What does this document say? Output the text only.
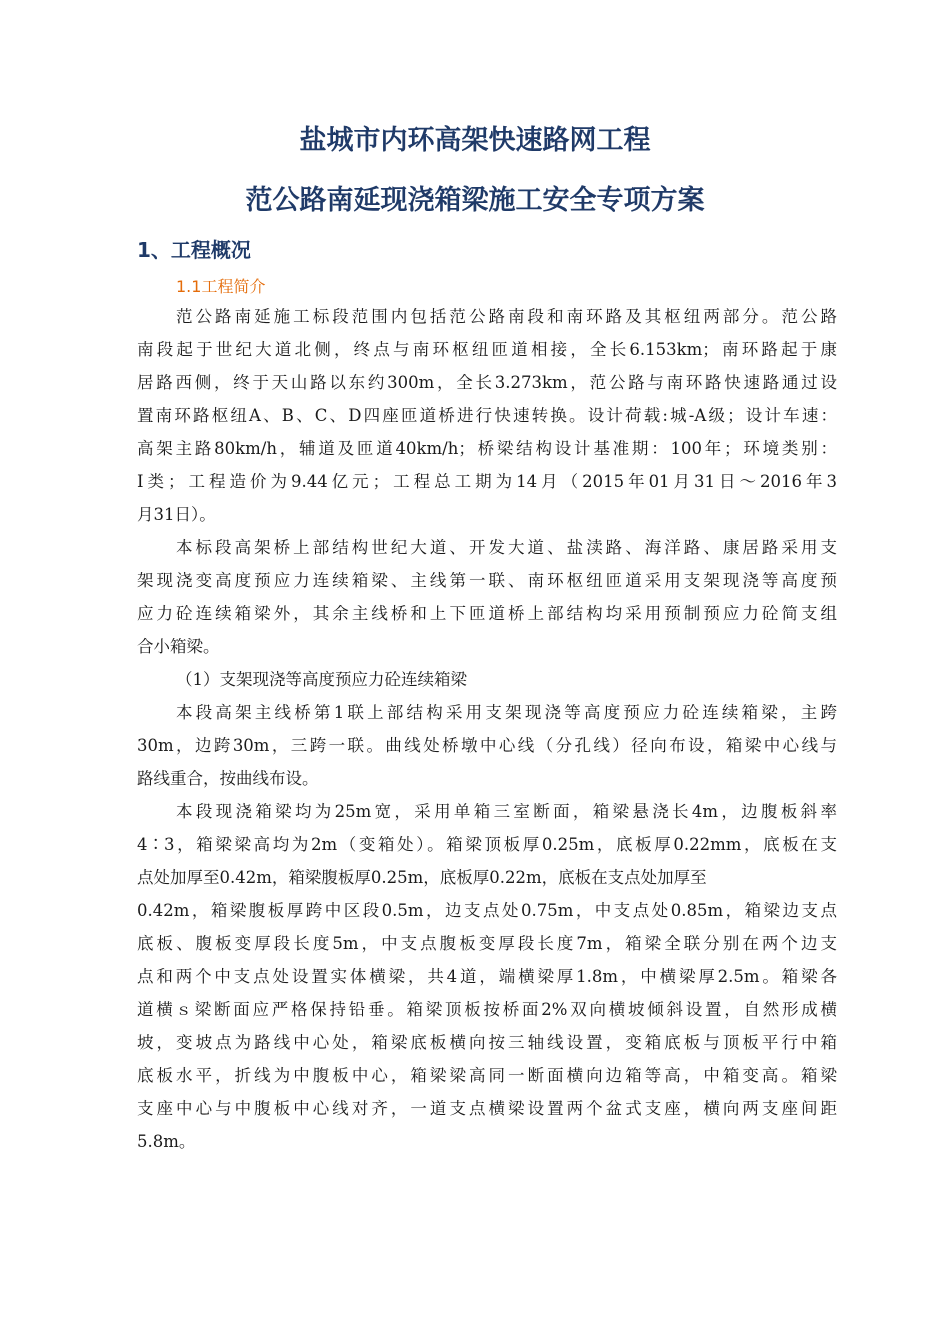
盐城市内环高架快速路网工程
范公路南延现浇箱梁施工安全专项方案
1、工程概况
1.1工程简介
范公路南延施工标段范围内包括范公路南段和南环路及其枢纽两部分。范公路
南段起于世纪大道北侧，终点与南环枢纽匝道相接，全长6.153km；南环路起于康
居路西侧，终于天山路以东约300m，全长3.273km，范公路与南环路快速路通过设
置南环路枢纽A、B、C、D四座匝道桥进行快速转换。设计荷载:城-A级；设计车速：
高架主路80km/h，辅道及匝道40km/h；桥梁结构设计基准期：100年；环境类别：
Ⅰ类；工程造价为9.44亿元；工程总工期为14月（2015年01月31日～2016年3
月31日）。
本标段高架桥上部结构世纪大道、开发大道、盐渎路、海洋路、康居路采用支
架现浇变高度预应力连续箱梁、主线第一联、南环枢纽匝道采用支架现浇等高度预
应力砼连续箱梁外，其余主线桥和上下匝道桥上部结构均采用预制预应力砼简支组
合小箱梁。
（1）支架现浇等高度预应力砼连续箱梁
本段高架主线桥第1联上部结构采用支架现浇等高度预应力砼连续箱梁，主跨
30m，边跨30m，三跨一联。曲线处桥墩中心线（分孔线）径向布设，箱梁中心线与
路线重合，按曲线布设。
本段现浇箱梁均为25m宽，采用单箱三室断面，箱梁悬浇长4m，边腹板斜率
4∶3，箱梁梁高均为2m（变箱处）。箱梁顶板厚0.25m，底板厚0.22mm，底板在支
点处加厚至0.42m，箱梁腹板厚0.25m，底板厚0.22m，底板在支点处加厚至
0.42m，箱梁腹板厚跨中区段0.5m，边支点处0.75m，中支点处0.85m，箱梁边支点
底板、腹板变厚段长度5m，中支点腹板变厚段长度7m，箱梁全联分别在两个边支
点和两个中支点处设置实体横梁，共4道，端横梁厚1.8m，中横梁厚2.5m。箱梁各
道横ｓ梁断面应严格保持铅垂。箱梁顶板按桥面2%双向横坡倾斜设置，自然形成横
坡，变坡点为路线中心处，箱梁底板横向按三轴线设置，变箱底板与顶板平行中箱
底板水平，折线为中腹板中心，箱梁梁高同一断面横向边箱等高，中箱变高。箱梁
支座中心与中腹板中心线对齐，一道支点横梁设置两个盆式支座，横向两支座间距
5.8m。
